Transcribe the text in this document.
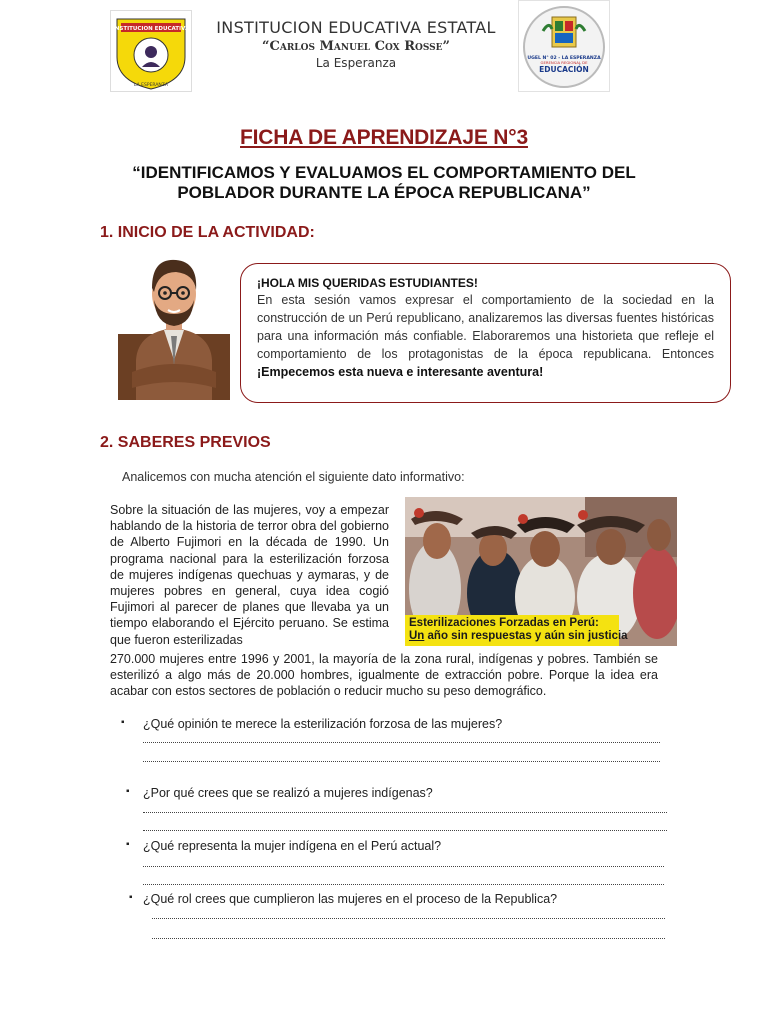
INSTITUCION EDUCATIVA
LA ESPERANZA
INSTITUCION EDUCATIVA ESTATAL
“Carlos Manuel Cox Rosse”
La Esperanza	UGEL N° 02 - LA ESPERANZA
GERENCIA REGIONAL DE
EDUCACIÓN
FICHA DE APRENDIZAJE N°3
“IDENTIFICAMOS Y EVALUAMOS EL COMPORTAMIENTO DEL
POBLADOR DURANTE LA ÉPOCA REPUBLICANA”
1. INICIO DE LA ACTIVIDAD:
¡HOLA MIS QUERIDAS ESTUDIANTES!
En esta sesión vamos expresar el comportamiento de la sociedad en la construcción de un Perú republicano, analizaremos las diversas fuentes históricas para una información más confiable. Elaboraremos una historieta que refleje el comportamiento de los protagonistas de la época republicana. Entonces ¡Empecemos esta nueva e interesante aventura!
2. SABERES PREVIOS
Analicemos con mucha atención el siguiente dato informativo:
Sobre la situación de las mujeres, voy a empezar hablando de la historia de terror obra del gobierno de Alberto Fujimori en la década de 1990. Un programa nacional para la esterilización forzosa de mujeres indígenas quechuas y aymaras, y de mujeres pobres en general, cuya idea cogió Fujimori al parecer de planes que llevaba ya un tiempo elaborando el Ejército peruano. Se estima que fueron esterilizadas
Esterilizaciones Forzadas en Perú:
Un año sin respuestas y aún sin justicia
270.000 mujeres entre 1996 y 2001, la mayoría de la zona rural, indígenas y pobres. También se esterilizó a algo más de 20.000 hombres, igualmente de extracción pobre. Porque la idea era acabar con estos sectores de población o reducir mucho su peso demográfico.
▪ ¿Qué opinión te merece la esterilización forzosa de las mujeres?
▪ ¿Por qué crees que se realizó a mujeres indígenas?
▪ ¿Qué representa la mujer indígena en el Perú actual?
▪ ¿Qué rol crees que cumplieron las mujeres en el proceso de la Republica?
